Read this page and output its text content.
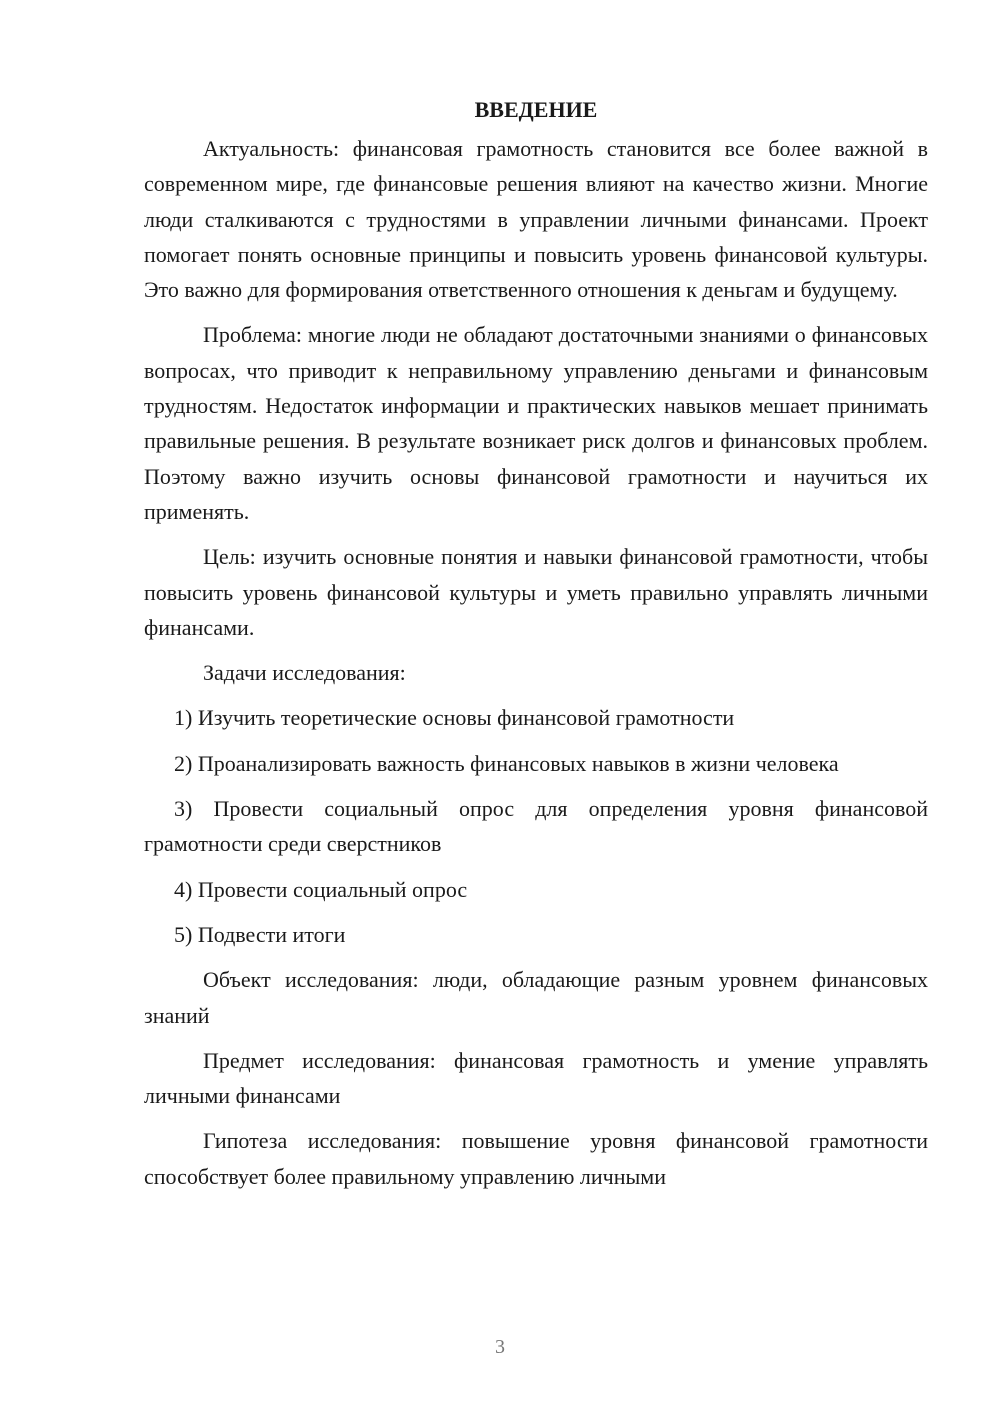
ВВЕДЕНИЕ

Актуальность: финансовая грамотность становится все более важной в современном мире, где финансовые решения влияют на качество жизни. Многие люди сталкиваются с трудностями в управлении личными финансами. Проект помогает понять основные принципы и повысить уровень финансовой культуры. Это важно для формирования ответственного отношения к деньгам и будущему.

Проблема: многие люди не обладают достаточными знаниями о финансовых вопросах, что приводит к неправильному управлению деньгами и финансовым трудностям. Недостаток информации и практических навыков мешает принимать правильные решения. В результате возникает риск долгов и финансовых проблем. Поэтому важно изучить основы финансовой грамотности и научиться их применять.

Цель: изучить основные понятия и навыки финансовой грамотности, чтобы повысить уровень финансовой культуры и уметь правильно управлять личными финансами.

Задачи исследования:

1) Изучить теоретические основы финансовой грамотности

2) Проанализировать важность финансовых навыков в жизни человека

3) Провести социальный опрос для определения уровня финансовой грамотности среди сверстников

4) Провести социальный опрос

5) Подвести итоги

Объект исследования: люди, обладающие разным уровнем финансовых знаний

Предмет исследования: финансовая грамотность и умение управлять личными финансами

Гипотеза исследования: повышение уровня финансовой грамотности способствует более правильному управлению личными

3
